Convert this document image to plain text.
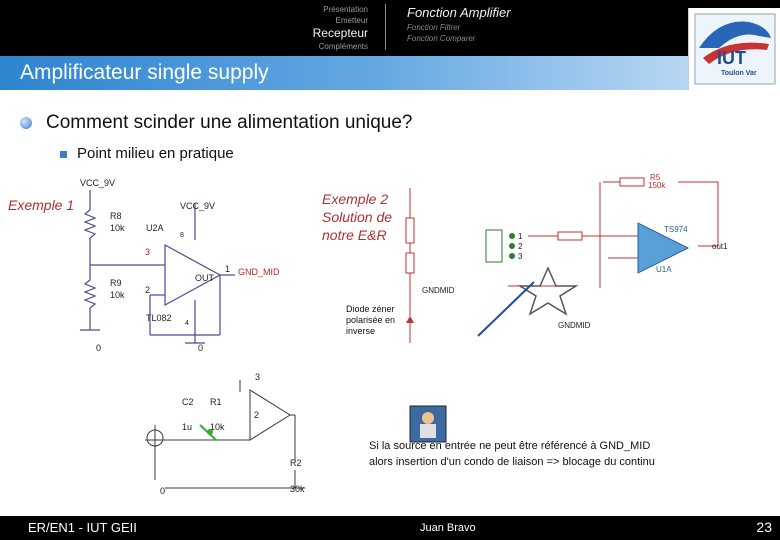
Présentation
Emetteur
Recepteur
Compléments
Fonction Amplifier
Fonction Filtrer
Fonction Comparer
IUT
Toulon Var
Amplificateur single supply
Comment scinder une alimentation unique?
Point milieu en pratique
Exemple 1	Exemple 2 Solution de notre E&R
VCC_9V
VCC_9V
R8
10k U2A
8
3
R9
10k 2
1
OUT
GND_MID
4
TL082
0	0
R5
150k
TS974
U1A
out1
GNDMID
GNDMID
1
2
3
Diode zéner polarisée en inverse
C2
1u
R1
10k
R2
30k
0
3
2
Si la source en entrée ne peut être référencé à GND_MID alors insertion d'un condo de liaison => blocage du continu
ER/EN1 - IUT GEII	Juan Bravo	23
